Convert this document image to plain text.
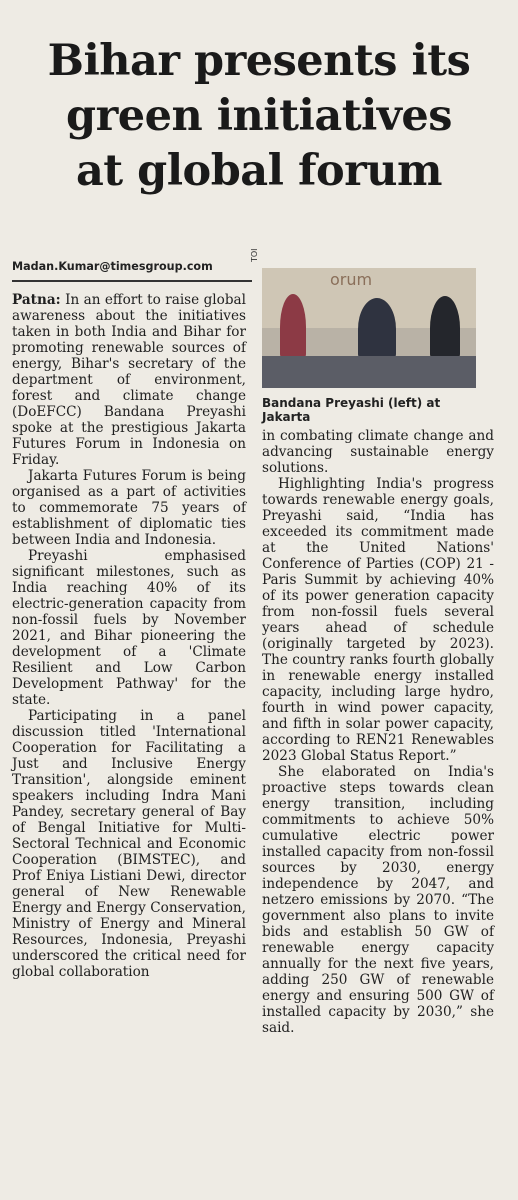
Bihar presents its
green initiatives
at global forum
Madan.Kumar@timesgroup.com
TOI
orum
Bandana Preyashi (left) at Jakarta

Patna: In an effort to raise global awareness about the initiatives taken in both India and Bihar for promoting renewable sources of energy, Bihar's secretary of the department of environment, forest and climate change (DoEFCC) Bandana Preyashi spoke at the prestigious Jakarta Futures Forum in Indonesia on Friday.

Jakarta Futures Forum is being organised as a part of activities to commemorate 75 years of establishment of diplomatic ties between India and Indonesia.

Preyashi emphasised significant milestones, such as India reaching 40% of its electric-generation capacity from non-fossil fuels by November 2021, and Bihar pioneering the development of a 'Climate Resilient and Low Carbon Development Pathway' for the state.

Participating in a panel discussion titled 'International Cooperation for Facilitating a Just and Inclusive Energy Transition', alongside eminent speakers including Indra Mani Pandey, secretary general of Bay of Bengal Initiative for Multi-Sectoral Technical and Economic Cooperation (BIMSTEC), and Prof Eniya Listiani Dewi, director general of New Renewable Energy and Energy Conservation, Ministry of Energy and Mineral Resources, Indonesia, Preyashi underscored the critical need for global collaboration

in combating climate change and advancing sustainable energy solutions.

Highlighting India's progress towards renewable energy goals, Preyashi said, “India has exceeded its commitment made at the United Nations' Conference of Parties (COP) 21 - Paris Summit by achieving 40% of its power generation capacity from non-fossil fuels several years ahead of schedule (originally targeted by 2023). The country ranks fourth globally in renewable energy installed capacity, including large hydro, fourth in wind power capacity, and fifth in solar power capacity, according to REN21 Renewables 2023 Global Status Report.”

She elaborated on India's proactive steps towards clean energy transition, including commitments to achieve 50% cumulative electric power installed capacity from non-fossil sources by 2030, energy independence by 2047, and netzero emissions by 2070. “The government also plans to invite bids and establish 50 GW of renewable energy capacity annually for the next five years, adding 250 GW of renewable energy and ensuring 500 GW of installed capacity by 2030,” she said.
